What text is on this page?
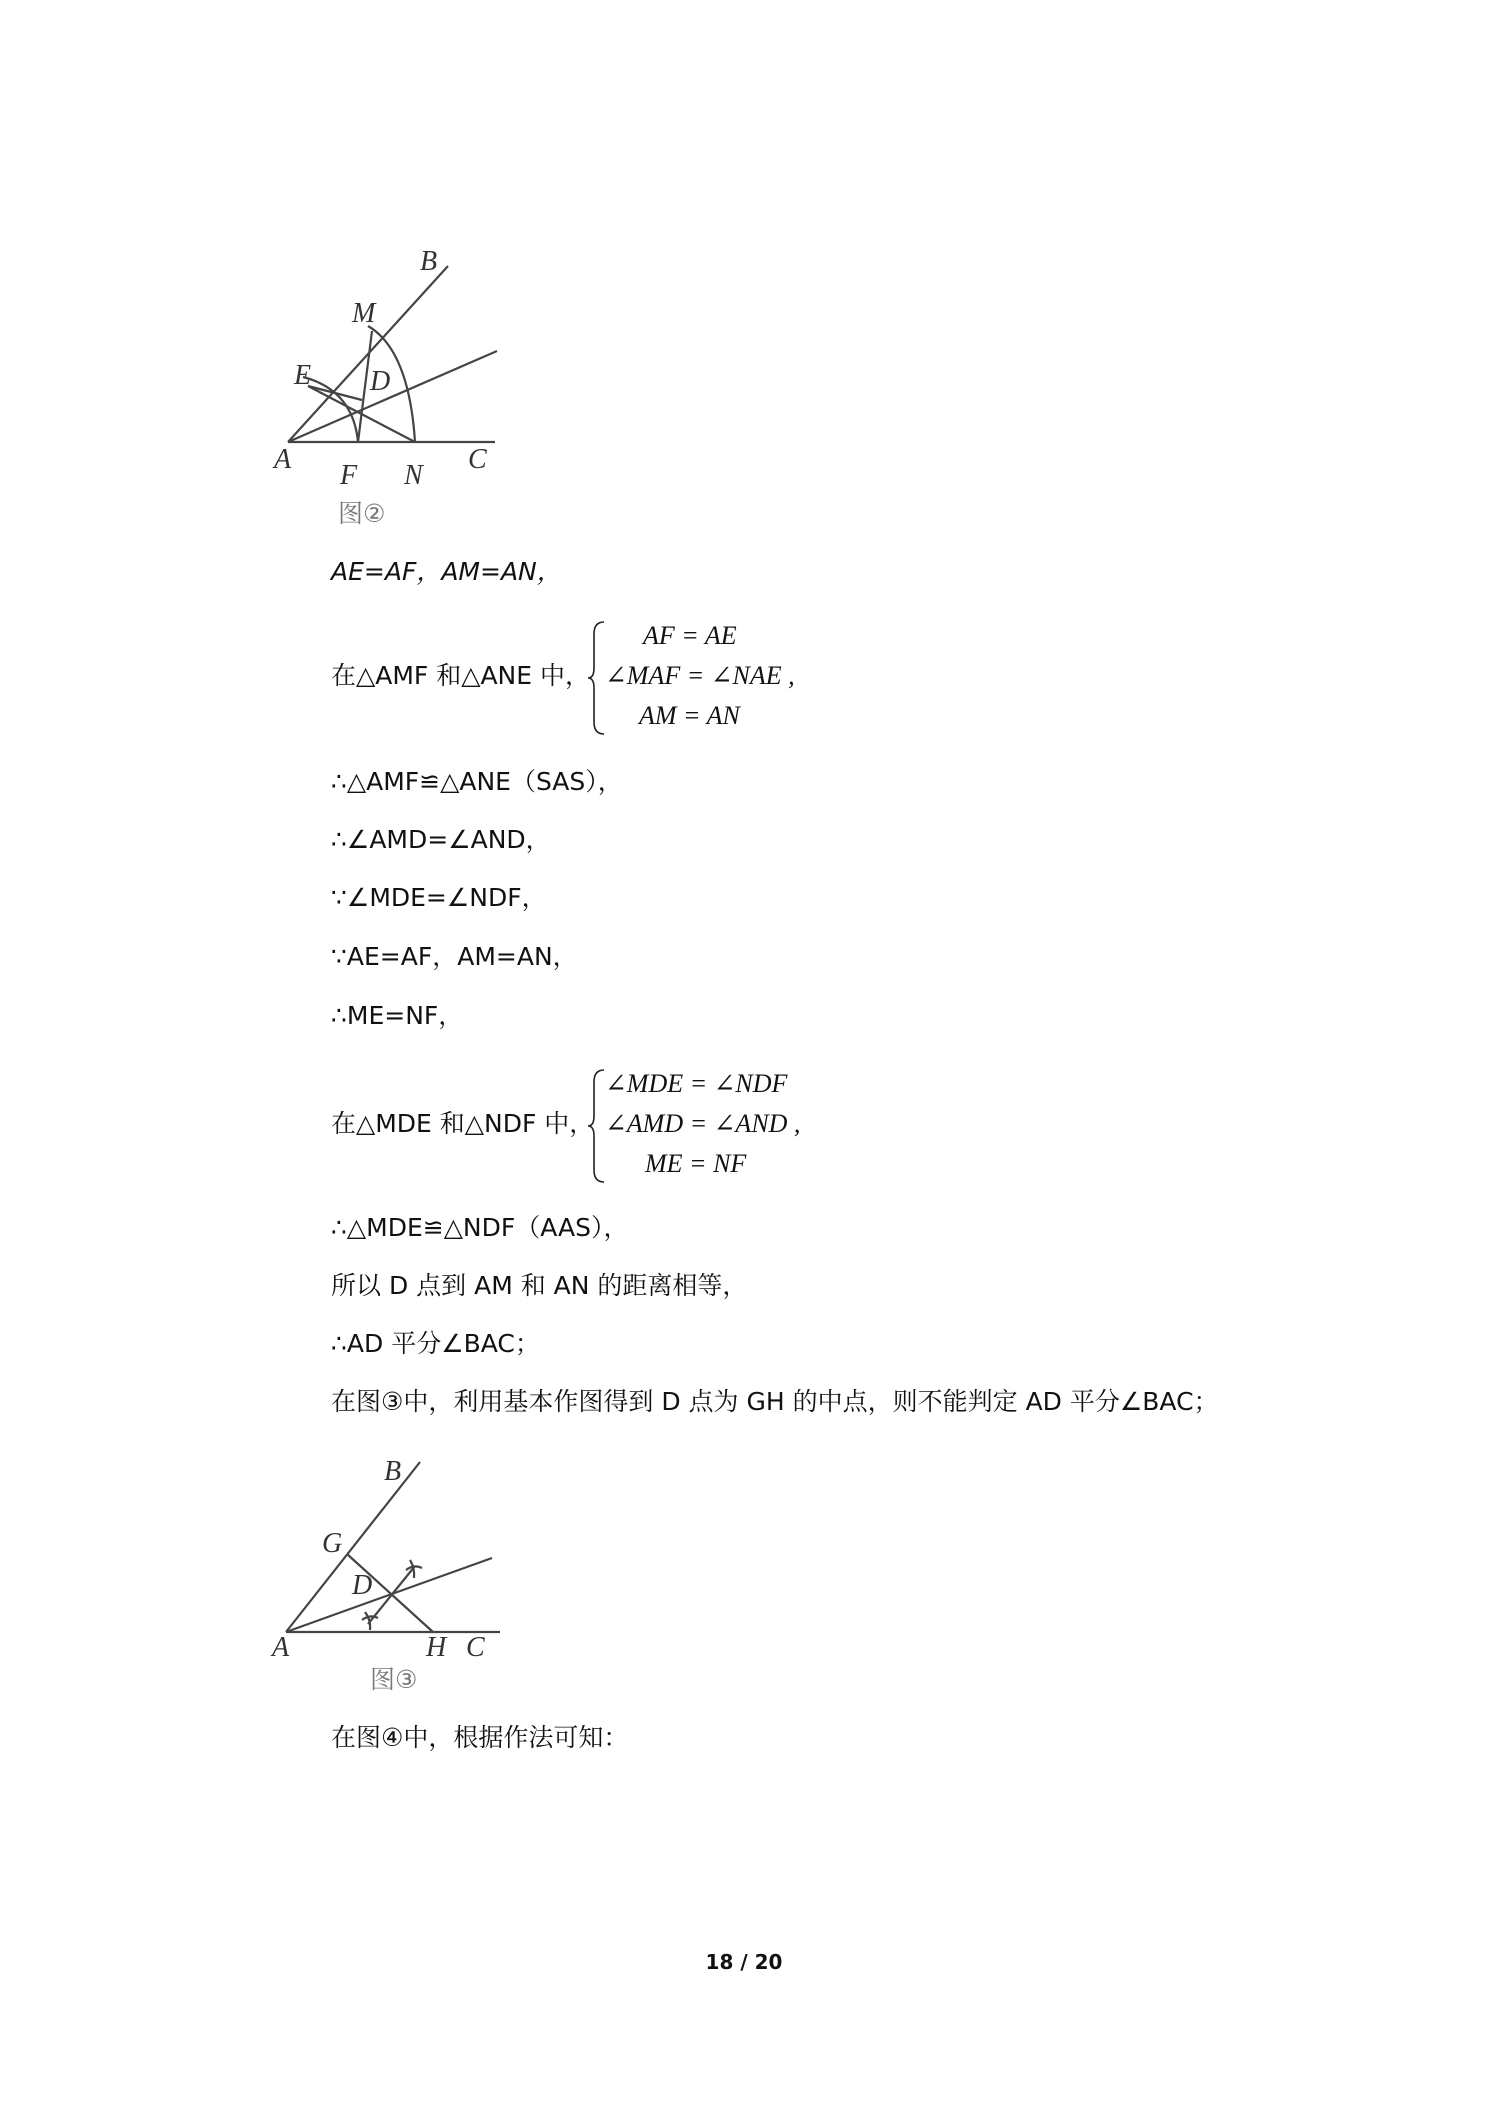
B
M
E D
A
F N
C
图②
AE=AF，AM=AN，
在△AMF 和△ANE 中，
AF = AE
∠MAF = ∠NAE ,
AM = AN
∴△AMF≌△ANE（SAS），
∴∠AMD=∠AND，
∵∠MDE=∠NDF，
∵AE=AF，AM=AN，
∴ME=NF，
在△MDE 和△NDF 中，
∠MDE = ∠NDF
∠AMD = ∠AND ,
ME = NF
∴△MDE≌△NDF（AAS），
所以 D 点到 AM 和 AN 的距离相等，
∴AD 平分∠BAC；
在图③中，利用基本作图得到 D 点为 GH 的中点，则不能判定 AD 平分∠BAC；
B
G
D
A	H C
图③
在图④中，根据作法可知：
18 / 20
